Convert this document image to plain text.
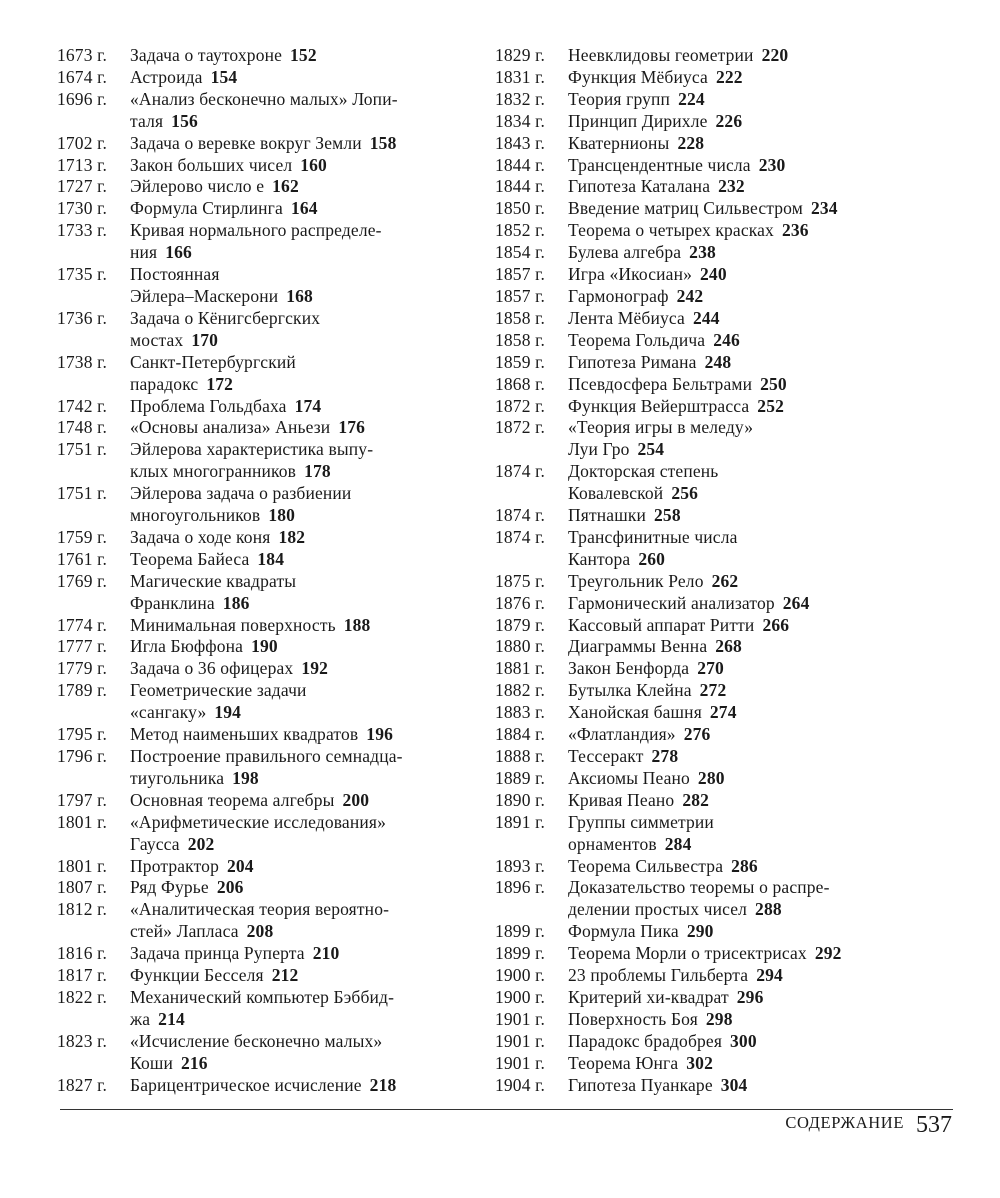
1673 г. Задача о таутохроне 152
1674 г. Астроида 154
1696 г. «Анализ бесконечно малых» Лопи-
таля 156
1702 г. Задача о веревке вокруг Земли 158
1713 г. Закон больших чисел 160
1727 г. Эйлерово число е 162
1730 г. Формула Стирлинга 164
1733 г. Кривая нормального распределе-
ния 166
1735 г. Постоянная
Эйлера–Маскерони 168
1736 г. Задача о Кёнигсбергских
мостах 170
1738 г. Санкт-Петербургский
парадокс 172
1742 г. Проблема Гольдбаха 174
1748 г. «Основы анализа» Аньези 176
1751 г. Эйлерова характеристика выпу-
клых многогранников 178
1751 г. Эйлерова задача о разбиении
многоугольников 180
1759 г. Задача о ходе коня 182
1761 г. Теорема Байеса 184
1769 г. Магические квадраты
Франклина 186
1774 г. Минимальная поверхность 188
1777 г. Игла Бюффона 190
1779 г. Задача о 36 офицерах 192
1789 г. Геометрические задачи
«сангаку» 194
1795 г. Метод наименьших квадратов 196
1796 г. Построение правильного семнадца-
тиугольника 198
1797 г. Основная теорема алгебры 200
1801 г. «Арифметические исследования»
Гаусса 202
1801 г. Протрактор 204
1807 г. Ряд Фурье 206
1812 г. «Аналитическая теория вероятно-
стей» Лапласа 208
1816 г. Задача принца Руперта 210
1817 г. Функции Бесселя 212
1822 г. Механический компьютер Бэббид-
жа 214
1823 г. «Исчисление бесконечно малых»
Коши 216
1827 г. Барицентрическое исчисление 218
1829 г. Неевклидовы геометрии 220
1831 г. Функция Мёбиуса 222
1832 г. Теория групп 224
1834 г. Принцип Дирихле 226
1843 г. Кватернионы 228
1844 г. Трансцендентные числа 230
1844 г. Гипотеза Каталана 232
1850 г. Введение матриц Сильвестром 234
1852 г. Теорема о четырех красках 236
1854 г. Булева алгебра 238
1857 г. Игра «Икосиан» 240
1857 г. Гармонограф 242
1858 г. Лента Мёбиуса 244
1858 г. Теорема Гольдича 246
1859 г. Гипотеза Римана 248
1868 г. Псевдосфера Бельтрами 250
1872 г. Функция Вейерштрасса 252
1872 г. «Теория игры в меледу»
Луи Гро 254
1874 г. Докторская степень
Ковалевской 256
1874 г. Пятнашки 258
1874 г. Трансфинитные числа
Кантора 260
1875 г. Треугольник Рело 262
1876 г. Гармонический анализатор 264
1879 г. Кассовый аппарат Ритти 266
1880 г. Диаграммы Венна 268
1881 г. Закон Бенфорда 270
1882 г. Бутылка Клейна 272
1883 г. Ханойская башня 274
1884 г. «Флатландия» 276
1888 г. Тессеракт 278
1889 г. Аксиомы Пеано 280
1890 г. Кривая Пеано 282
1891 г. Группы симметрии
орнаментов 284
1893 г. Теорема Сильвестра 286
1896 г. Доказательство теоремы о распре-
делении простых чисел 288
1899 г. Формула Пика 290
1899 г. Теорема Морли о трисектрисах 292
1900 г. 23 проблемы Гильберта 294
1900 г. Критерий хи-квадрат 296
1901 г. Поверхность Боя 298
1901 г. Парадокс брадобрея 300
1901 г. Теорема Юнга 302
1904 г. Гипотеза Пуанкаре 304
СОДЕРЖАНИЕ 537
